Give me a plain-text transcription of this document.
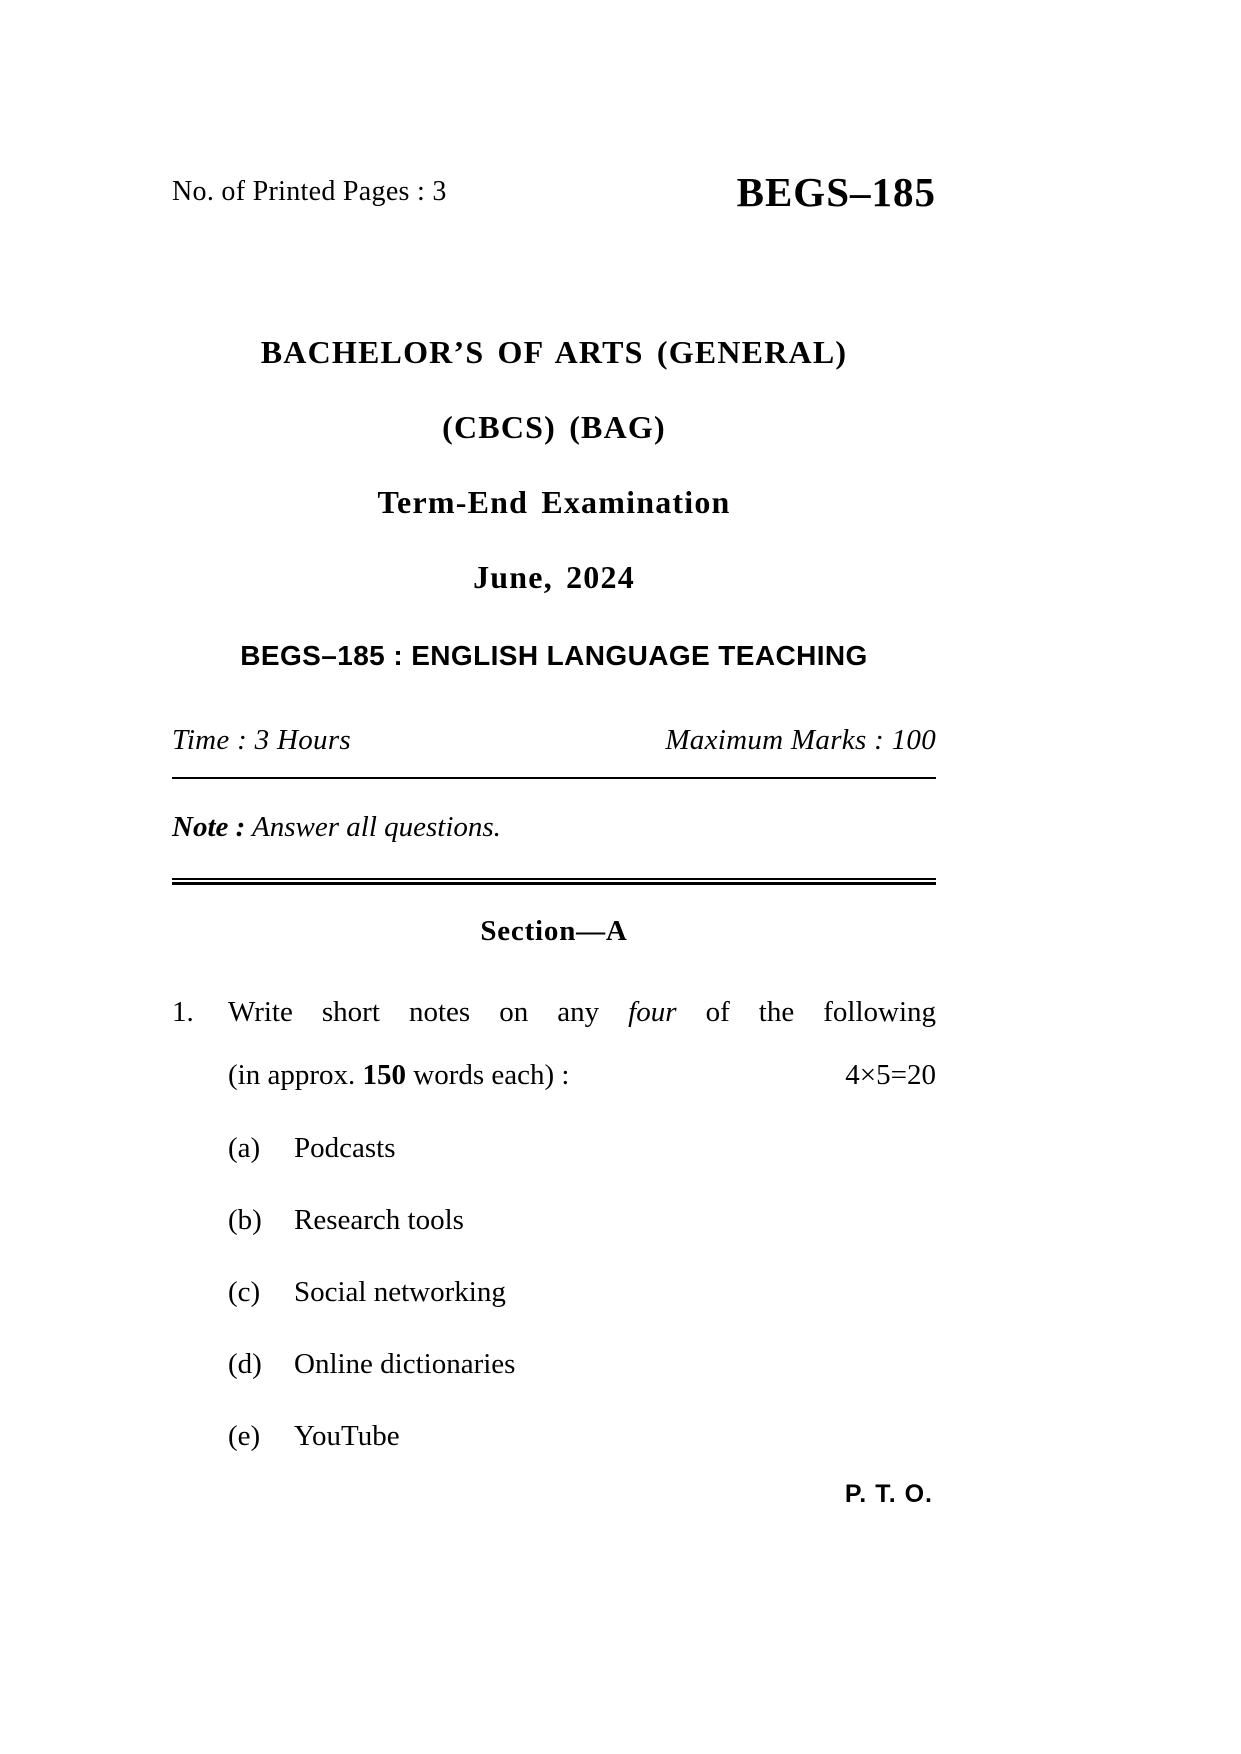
No. of Printed Pages : 3	BEGS–185
BACHELOR’S OF ARTS (GENERAL)
(CBCS) (BAG)
Term-End Examination
June, 2024
BEGS–185 : ENGLISH LANGUAGE TEACHING
Time : 3 Hours	Maximum Marks : 100
Note : Answer all questions.
Section—A
1.	Write short notes on any four of the following
(in approx. 150 words each) :	4×5=20
(a)	Podcasts
(b)	Research tools
(c)	Social networking
(d)	Online dictionaries
(e)	YouTube
P. T. O.
